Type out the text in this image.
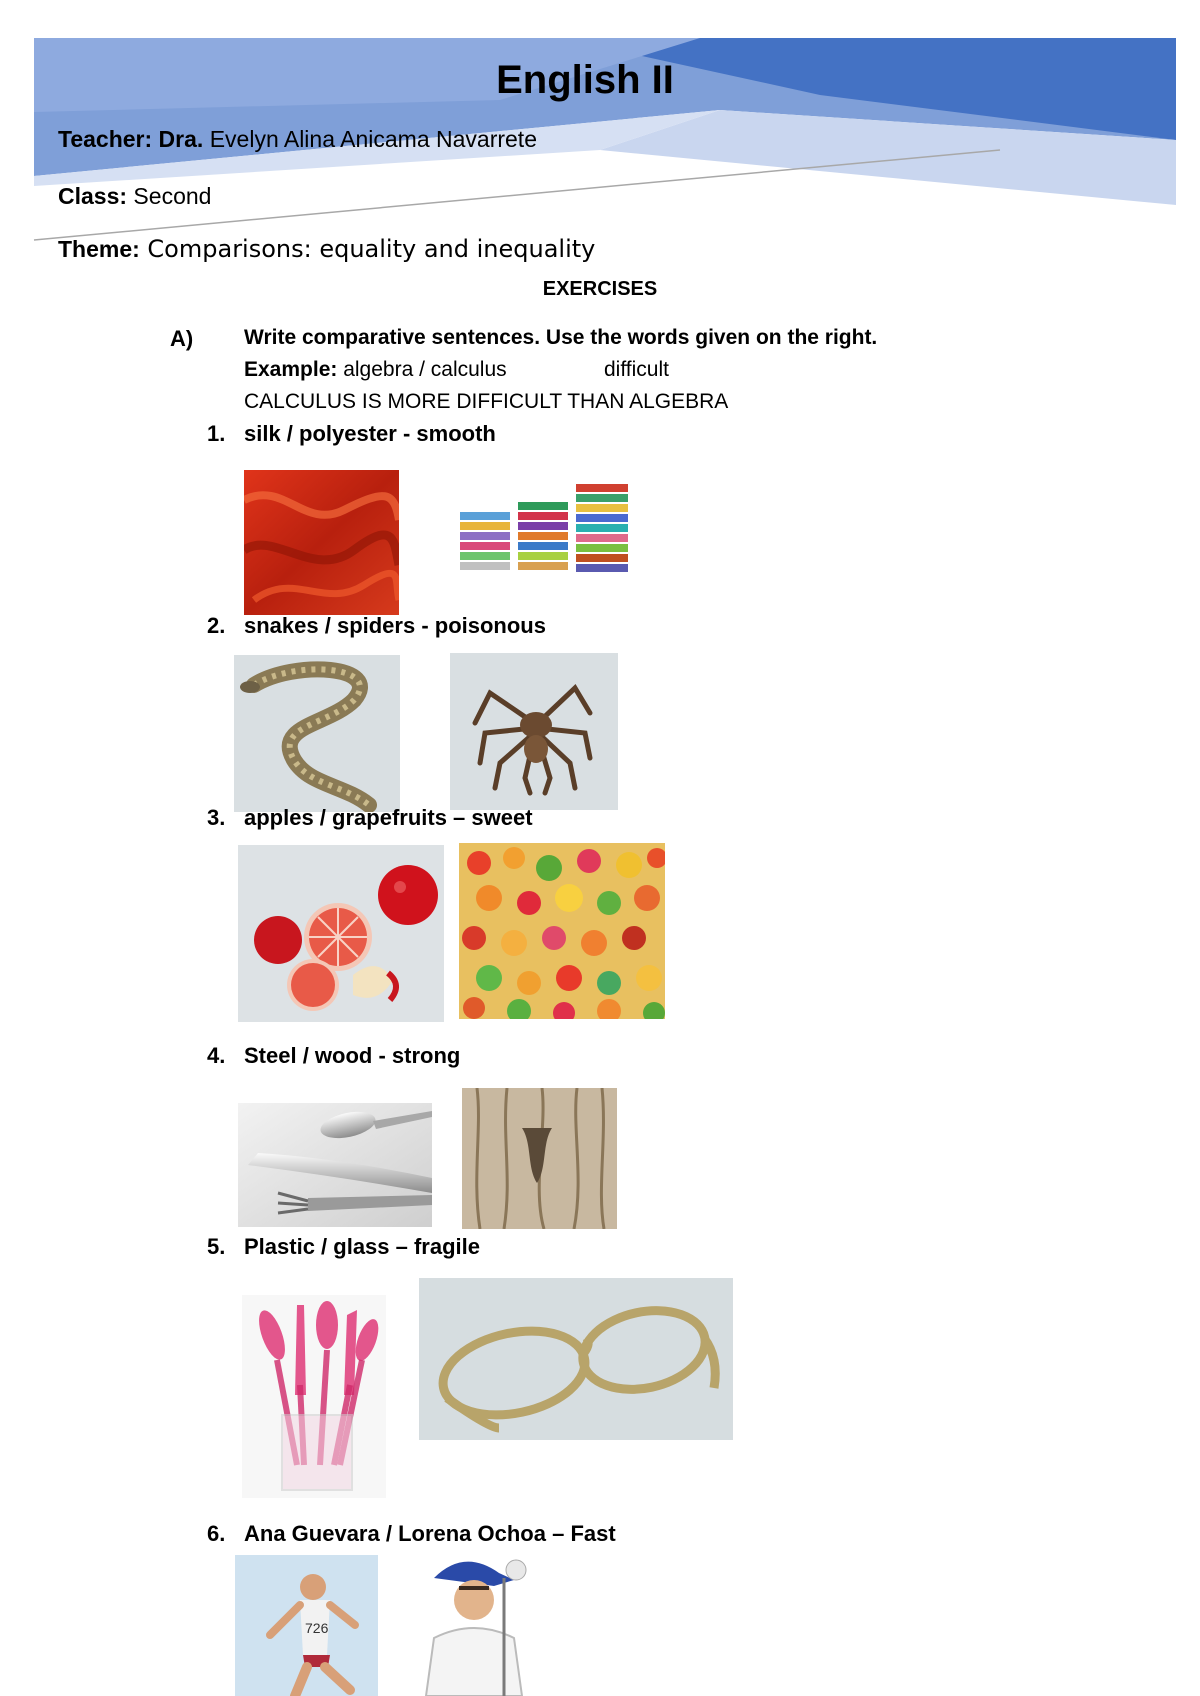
English II
Teacher: Dra. Evelyn Alina Anicama Navarrete
Class: Second
Theme: Comparisons: equality and inequality
EXERCISES
A) Write comparative sentences. Use the words given on the right.
Example: algebra / calculus	difficult
CALCULUS IS MORE DIFFICULT THAN ALGEBRA
1. silk / polyester - smooth
2. snakes / spiders - poisonous
3. apples / grapefruits – sweet
4. Steel / wood - strong
5. Plastic / glass – fragile
6. Ana Guevara / Lorena Ochoa – Fast
726
